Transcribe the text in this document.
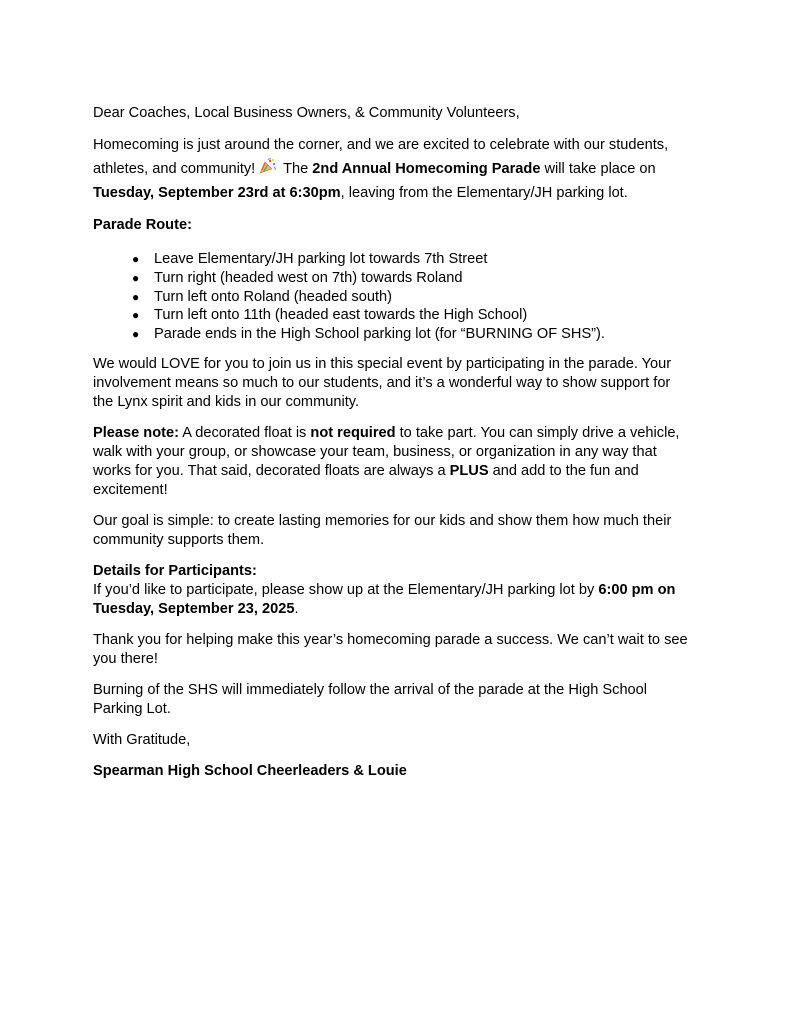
Dear Coaches, Local Business Owners, & Community Volunteers,

Homecoming is just around the corner, and we are excited to celebrate with our students, athletes, and community!  The 2nd Annual Homecoming Parade will take place on Tuesday, September 23rd at 6:30pm, leaving from the Elementary/JH parking lot.

Parade Route:

● Leave Elementary/JH parking lot towards 7th Street
● Turn right (headed west on 7th) towards Roland
● Turn left onto Roland (headed south)
● Turn left onto 11th (headed east towards the High School)
● Parade ends in the High School parking lot (for “BURNING OF SHS”).

We would LOVE for you to join us in this special event by participating in the parade. Your involvement means so much to our students, and it’s a wonderful way to show support for the Lynx spirit and kids in our community.

Please note: A decorated float is not required to take part. You can simply drive a vehicle, walk with your group, or showcase your team, business, or organization in any way that works for you. That said, decorated floats are always a PLUS and add to the fun and excitement!

Our goal is simple: to create lasting memories for our kids and show them how much their community supports them.

Details for Participants:
If you’d like to participate, please show up at the Elementary/JH parking lot by 6:00 pm on Tuesday, September 23, 2025.

Thank you for helping make this year’s homecoming parade a success. We can’t wait to see you there!

Burning of the SHS will immediately follow the arrival of the parade at the High School Parking Lot.

With Gratitude,

Spearman High School Cheerleaders & Louie
